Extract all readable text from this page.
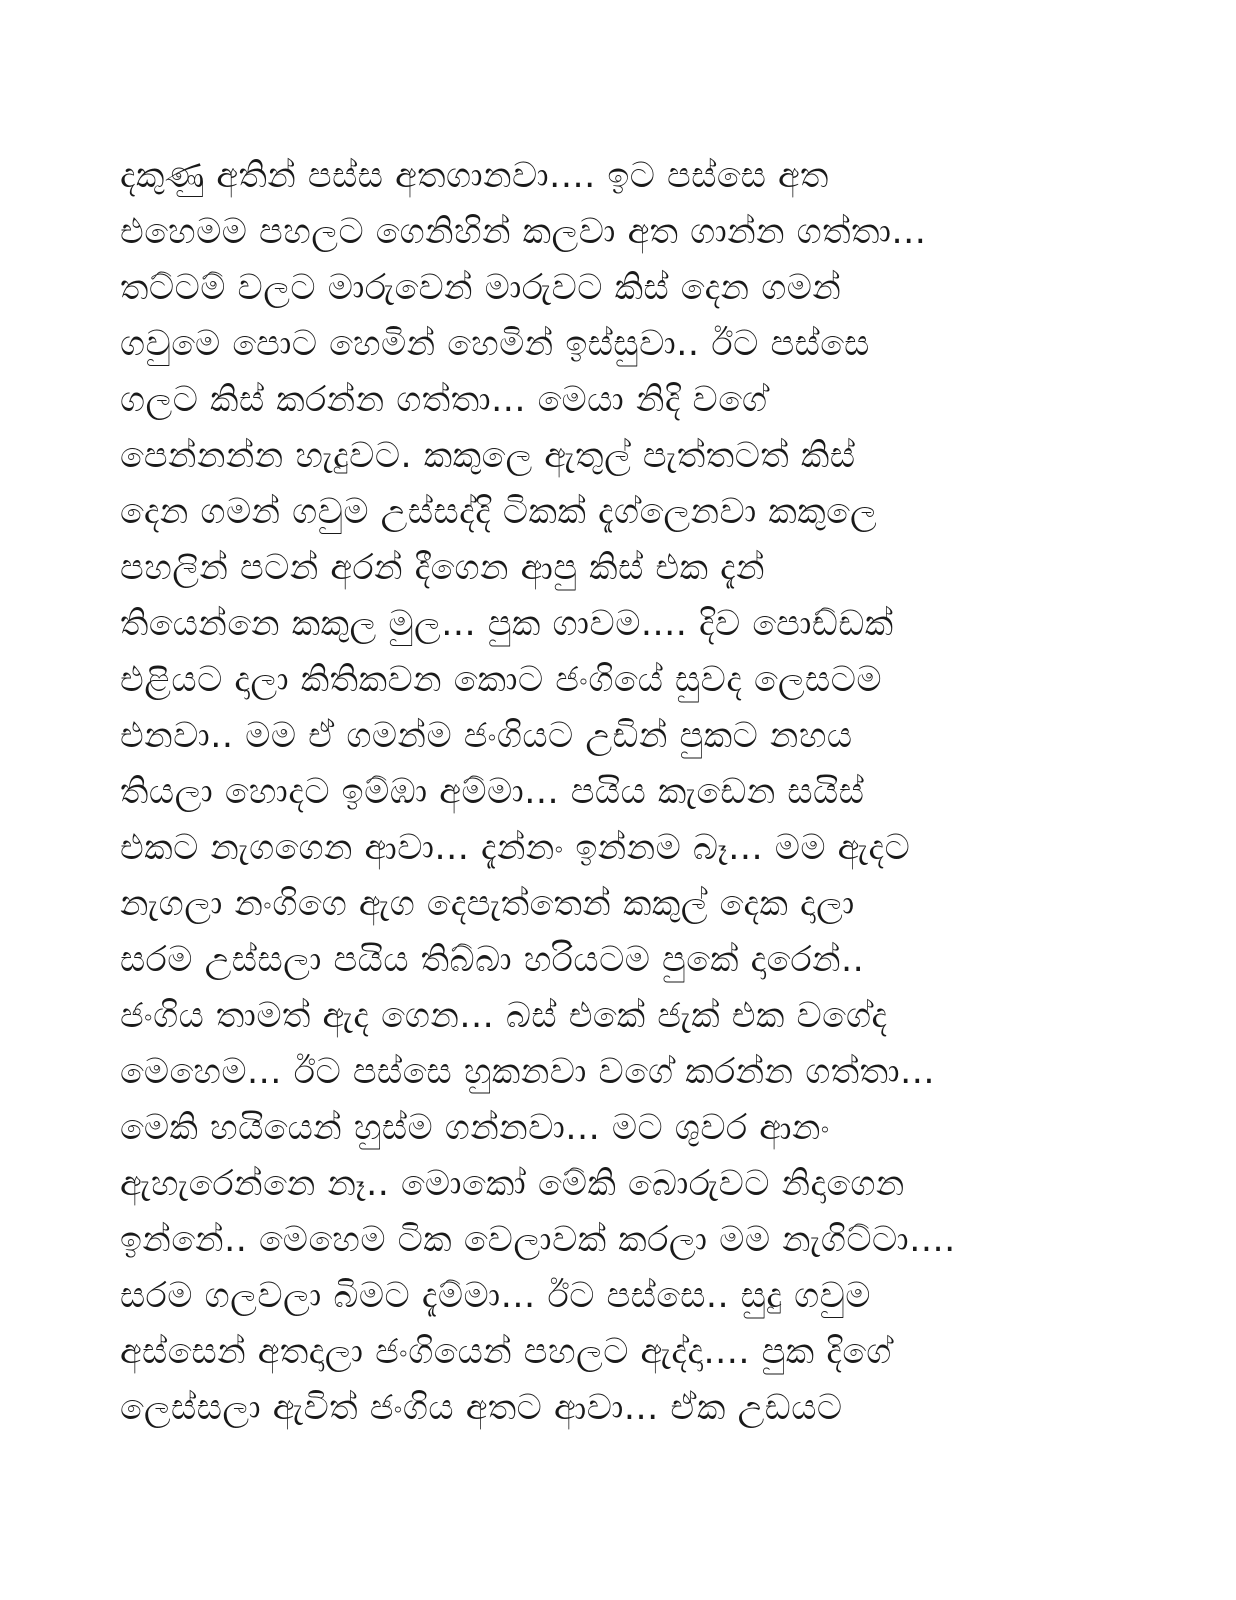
දකුණු අතින් පස්ස අතගානවා.... ඉට පස්සෙ අත
එහෙමම පහලට ගෙනිහින් කලවා අත ගාන්න ගත්තා...
තට්ටම් වලට මාරුවෙන් මාරුවට කිස් දෙන ගමන්
ගවුමෙ පොට හෙමින් හෙමින් ඉස්සුවා.. ඊට පස්සෙ
ගලට කිස් කරන්න ගත්තා... මෙයා නිදි වගේ
පෙන්නන්න හැදුවට. කකුලෙ ඇතුල් පැත්තටත් කිස්
දෙන ගමන් ගවුම උස්සද්දි ටිකක් දැග්ලෙනවා කකුලෙ
පහලින් පටන් අරන් දීගෙන ආපු කිස් එක දැන්
තියෙන්නෙ කකුල මුල... පුක ගාවම.... දිව පොඩ්ඩක්
එළියට දාලා කිතිකවන කොට ජංගියේ සුවද ලෙසටම
එනවා.. මම ඒ ගමන්ම ජංගියට උඩින් පුකට නහය
තියලා හොදට ඉම්ඹා අම්මා... පයිය කැඩෙන සයිස්
එකට නැගගෙන ආවා... දැන්නං ඉන්නම බෑ... මම ඇදට
නැගලා නංගිගෙ ඇග දෙපැත්තෙන් කකුල් දෙක දාලා
සරම උස්සලා පයිය තිබ්බා හරියටම පුකේ දාරෙන්..
ජංගිය තාමත් ඇද ගෙන... බස් එකේ ජැක් එක වගේද
මෙහෙම... ඊට පස්සෙ හුකනවා වගේ කරන්න ගත්තා...
මෙකි හයියෙන් හුස්ම ගන්නවා... මට ශුවර ආනං
ඇහැරෙන්නෙ නෑ.. මොකෝ මේකි බොරුවට නිදාගෙන
ඉන්නේ.. මෙහෙම ටික වෙලාවක් කරලා මම නැගිට්ටා....
සරම ගලවලා බිමට දැම්මා... ඊට පස්සෙ.. සුදු ගවුම
අස්සෙන් අතදාලා ජංගියෙන් පහලට ඇද්දා.... පුක දිගේ
ලෙස්සලා ඇවිත් ජංගිය අතට ආවා... ඒක උඩයට
